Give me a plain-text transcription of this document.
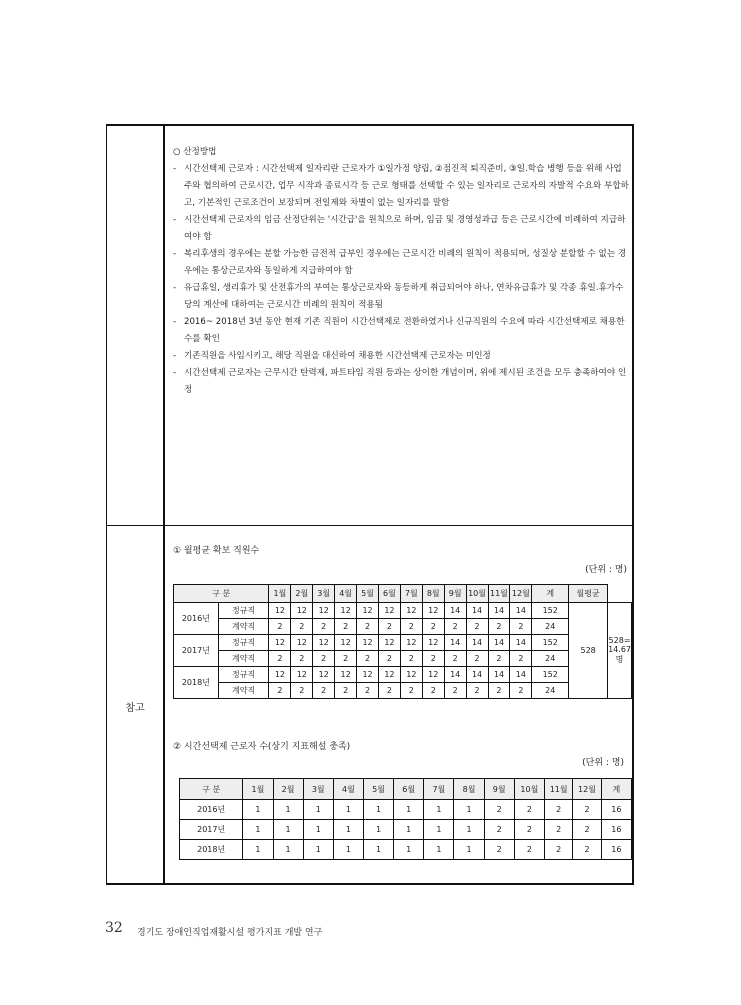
참고
○ 산정방법
- 시간선택제 근로자 : 시간선택제 일자리란 근로자가 ①일가정 양립, ②점진적 퇴직준비, ③일.학습 병행 등을 위해 사업주와 협의하여 근로시간, 업무 시작과 종료시각 등 근로 형태를 선택할 수 있는 일자리로 근로자의 자발적 수요와 부합하고, 기본적인 근로조건이 보장되며 전일제와 차별이 없는 일자리를 말함
- 시간선택제 근로자의 임금 산정단위는 '시간급'을 원칙으로 하며, 임금 및 경영성과급 등은 근로시간에 비례하여 지급하여야 함
- 복리후생의 경우에는 분할 가능한 금전적 급부인 경우에는 근로시간 비례의 원칙이 적용되며, 성질상 분할할 수 없는 경우에는 통상근로자와 동일하게 지급하여야 함
- 유급휴일, 생리휴가 및 산전휴가의 부여는 통상근로자와 동등하게 취급되어야 하나, 연차유급휴가 및 각종 휴일.휴가수당의 계산에 대하여는 근로시간 비례의 원칙이 적용됨
- 2016~ 2018년 3년 동안 현재 기존 직원이 시간선택제로 전환하였거나 신규직원의 수요에 따라 시간선택제로 채용한 수를 확인
- 기존직원을 사임시키고, 해당 직원을 대신하여 채용한 시간선택제 근로자는 미인정
- 시간선택제 근로자는 근무시간 탄력제, 파트타임 직원 등과는 상이한 개념이며, 위에 제시된 조건을 모두 충족하여야 인정
① 월평균 확보 직원수
(단위 : 명)
구 분		1월	2월	3월	4월	5월	6월	7월	8월	9월	10월	11월	12월	계	월평균	
2016년	정규직	12	12	12	12	12	12	12	12	14	14	14	14	152	528	528=
14.67명

	계약직	2	2	2	2	2	2	2	2	2	2	2	2	24		
2017년	정규직	12	12	12	12	12	12	12	12	14	14	14	14	152		
	계약직	2	2	2	2	2	2	2	2	2	2	2	2	24		
2018년	정규직	12	12	12	12	12	12	12	12	14	14	14	14	152		
	계약직	2	2	2	2	2	2	2	2	2	2	2	2	24		
② 시간선택제 근로자 수(상기 지표해설 충족)
(단위 : 명)
구 분	1월	2월	3월	4월	5월	6월	7월	8월	9월	10월	11월	12월	계
2016년	1	1	1	1	1	1	1	1	2	2	2	2	16
2017년	1	1	1	1	1	1	1	1	2	2	2	2	16
2018년	1	1	1	1	1	1	1	1	2	2	2	2	16
32 경기도 장애인직업재활시설 평가지표 개발 연구
